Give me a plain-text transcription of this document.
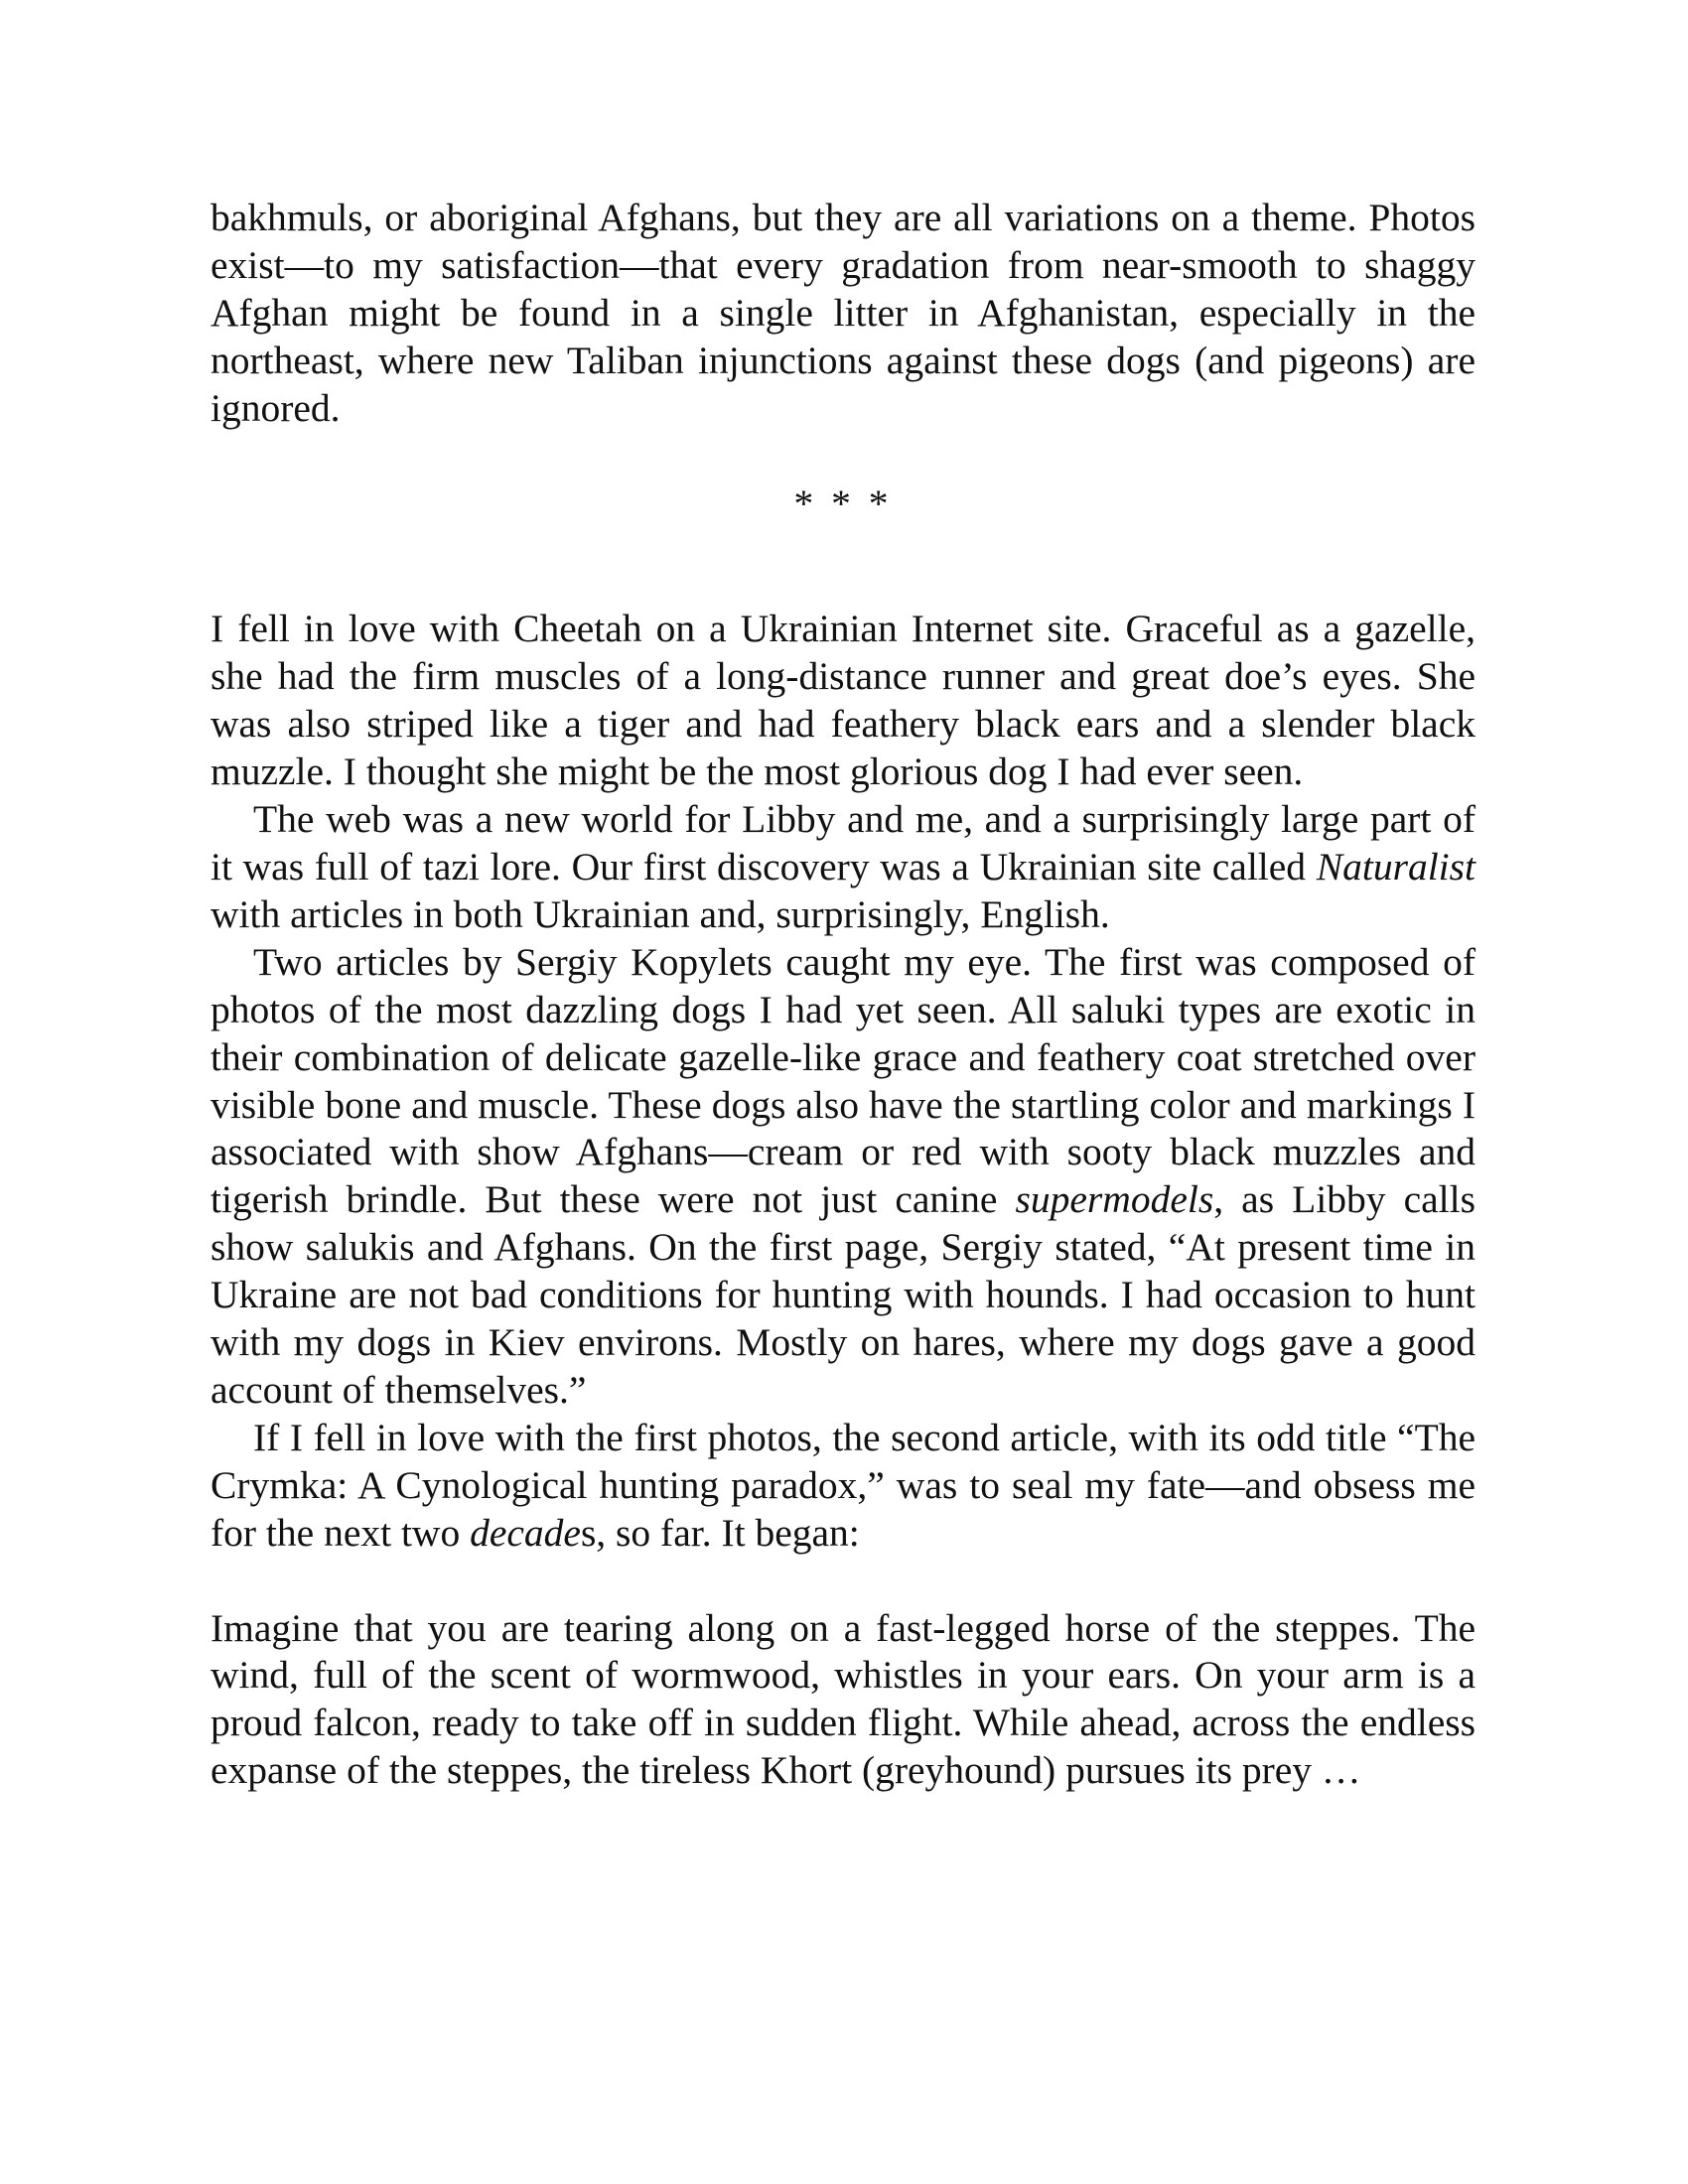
bakhmuls, or aboriginal Afghans, but they are all variations on a theme. Photos exist—to my satisfaction—that every gradation from near-smooth to shaggy Afghan might be found in a single litter in Afghanistan, especially in the northeast, where new Taliban injunctions against these dogs (and pigeons) are ignored.

* * *

I fell in love with Cheetah on a Ukrainian Internet site. Graceful as a gazelle, she had the firm muscles of a long-distance runner and great doe’s eyes. She was also striped like a tiger and had feathery black ears and a slender black muzzle. I thought she might be the most glorious dog I had ever seen.

The web was a new world for Libby and me, and a surprisingly large part of it was full of tazi lore. Our first discovery was a Ukrainian site called Naturalist with articles in both Ukrainian and, surprisingly, English.

Two articles by Sergiy Kopylets caught my eye. The first was composed of photos of the most dazzling dogs I had yet seen. All saluki types are exotic in their combination of delicate gazelle-like grace and feathery coat stretched over visible bone and muscle. These dogs also have the startling color and markings I associated with show Afghans—cream or red with sooty black muzzles and tigerish brindle. But these were not just canine supermodels, as Libby calls show salukis and Afghans. On the first page, Sergiy stated, “At present time in Ukraine are not bad conditions for hunting with hounds. I had occasion to hunt with my dogs in Kiev environs. Mostly on hares, where my dogs gave a good account of themselves.”

If I fell in love with the first photos, the second article, with its odd title “The Crymka: A Cynological hunting paradox,” was to seal my fate—and obsess me for the next two decades, so far. It began:

Imagine that you are tearing along on a fast-legged horse of the steppes. The wind, full of the scent of wormwood, whistles in your ears. On your arm is a proud falcon, ready to take off in sudden flight. While ahead, across the endless expanse of the steppes, the tireless Khort (greyhound) pursues its prey …
